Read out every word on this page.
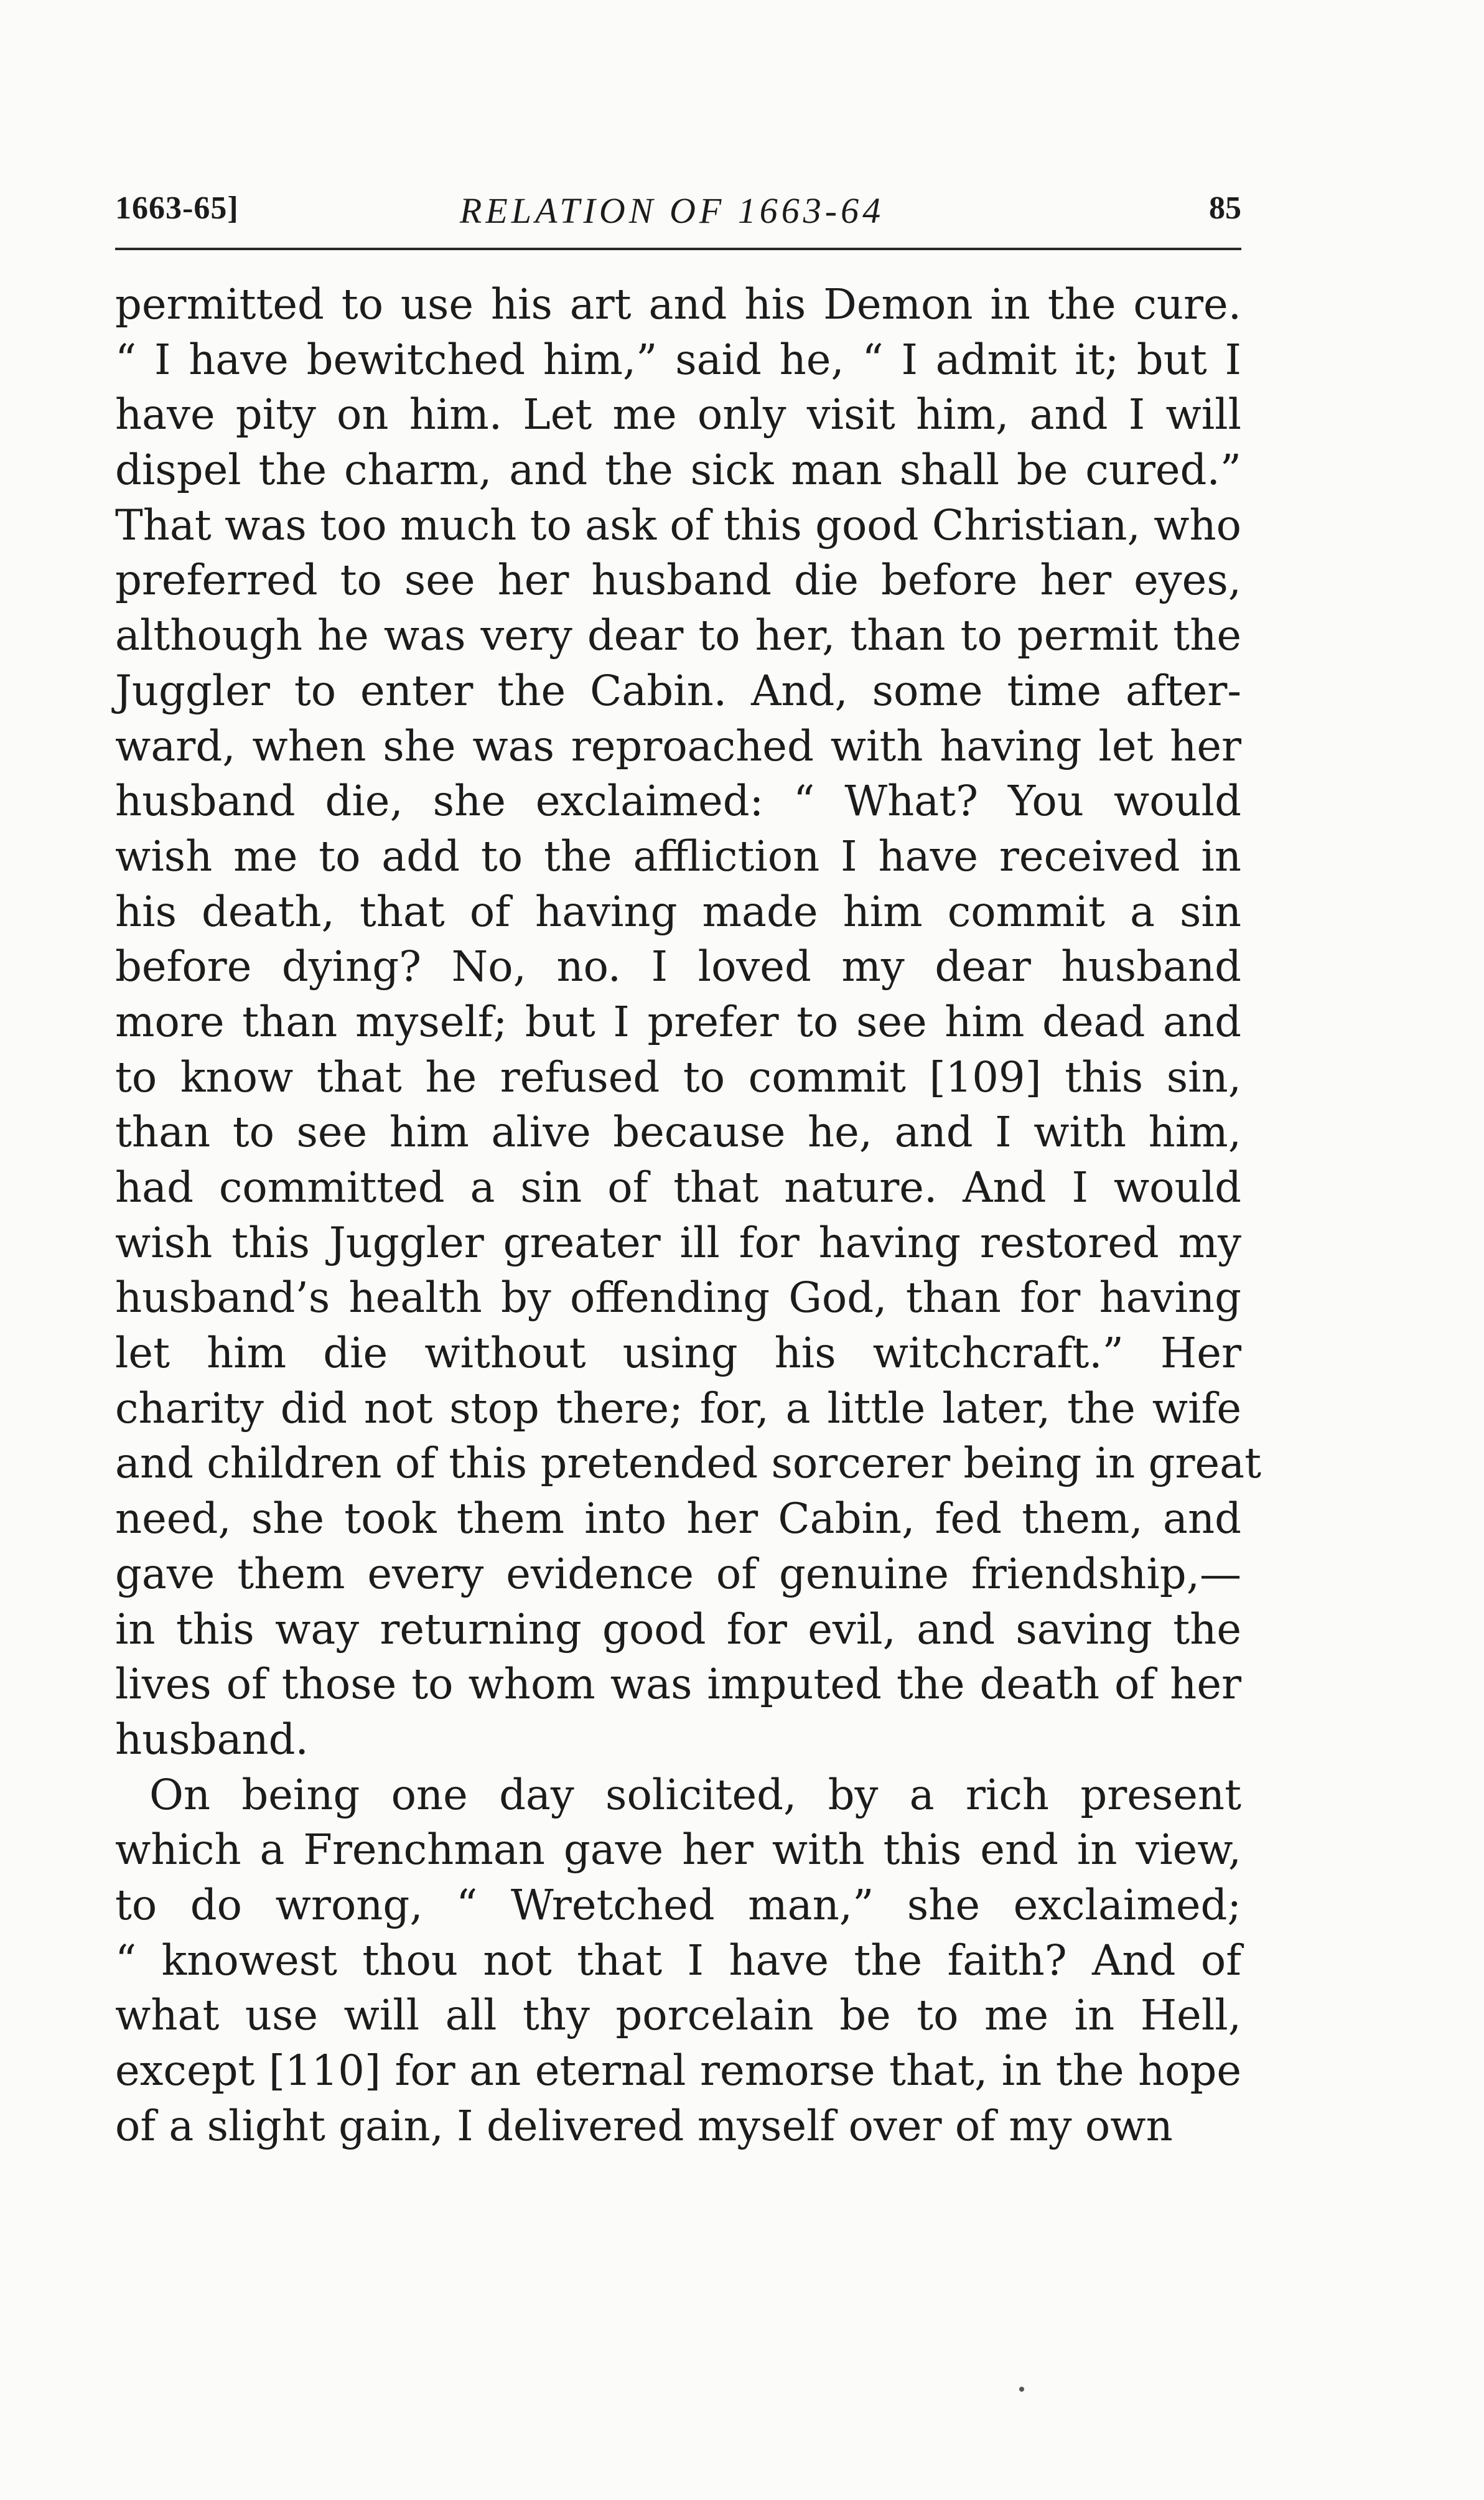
1663-65]	RELATION OF 1663-64	85
permitted to use his art and his Demon in the cure.
“ I have bewitched him,” said he, “ I admit it; but I
have pity on him. Let me only visit him, and I will
dispel the charm, and the sick man shall be cured.”
That was too much to ask of this good Christian, who
preferred to see her husband die before her eyes,
although he was very dear to her, than to permit the
Juggler to enter the Cabin. And, some time after-
ward, when she was reproached with having let her
husband die, she exclaimed: “ What? You would
wish me to add to the affliction I have received in
his death, that of having made him commit a sin
before dying? No, no. I loved my dear husband
more than myself; but I prefer to see him dead and
to know that he refused to commit [109] this sin,
than to see him alive because he, and I with him,
had committed a sin of that nature. And I would
wish this Juggler greater ill for having restored my
husband’s health by offending God, than for having
let him die without using his witchcraft.” Her
charity did not stop there; for, a little later, the wife
and children of this pretended sorcerer being in great
need, she took them into her Cabin, fed them, and
gave them every evidence of genuine friendship,—
in this way returning good for evil, and saving the
lives of those to whom was imputed the death of her
husband.
On being one day solicited, by a rich present
which a Frenchman gave her with this end in view,
to do wrong, “ Wretched man,” she exclaimed;
“ knowest thou not that I have the faith? And of
what use will all thy porcelain be to me in Hell,
except [110] for an eternal remorse that, in the hope
of a slight gain, I delivered myself over of my own
